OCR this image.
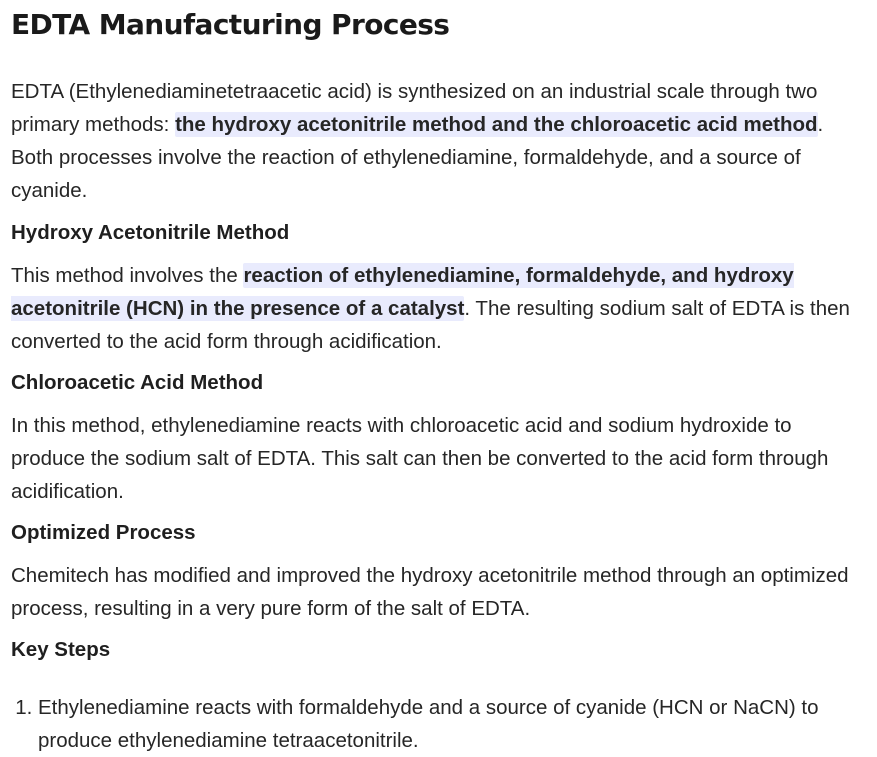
EDTA Manufacturing Process

EDTA (Ethylenediaminetetraacetic acid) is synthesized on an industrial scale through two primary methods: the hydroxy acetonitrile method and the chloroacetic acid method. Both processes involve the reaction of ethylenediamine, formaldehyde, and a source of cyanide.

Hydroxy Acetonitrile Method

This method involves the reaction of ethylenediamine, formaldehyde, and hydroxy acetonitrile (HCN) in the presence of a catalyst. The resulting sodium salt of EDTA is then converted to the acid form through acidification.

Chloroacetic Acid Method

In this method, ethylenediamine reacts with chloroacetic acid and sodium hydroxide to produce the sodium salt of EDTA. This salt can then be converted to the acid form through acidification.

Optimized Process

Chemitech has modified and improved the hydroxy acetonitrile method through an optimized process, resulting in a very pure form of the salt of EDTA.

Key Steps
1. Ethylenediamine reacts with formaldehyde and a source of cyanide (HCN or NaCN) to produce ethylenediamine tetraacetonitrile.
